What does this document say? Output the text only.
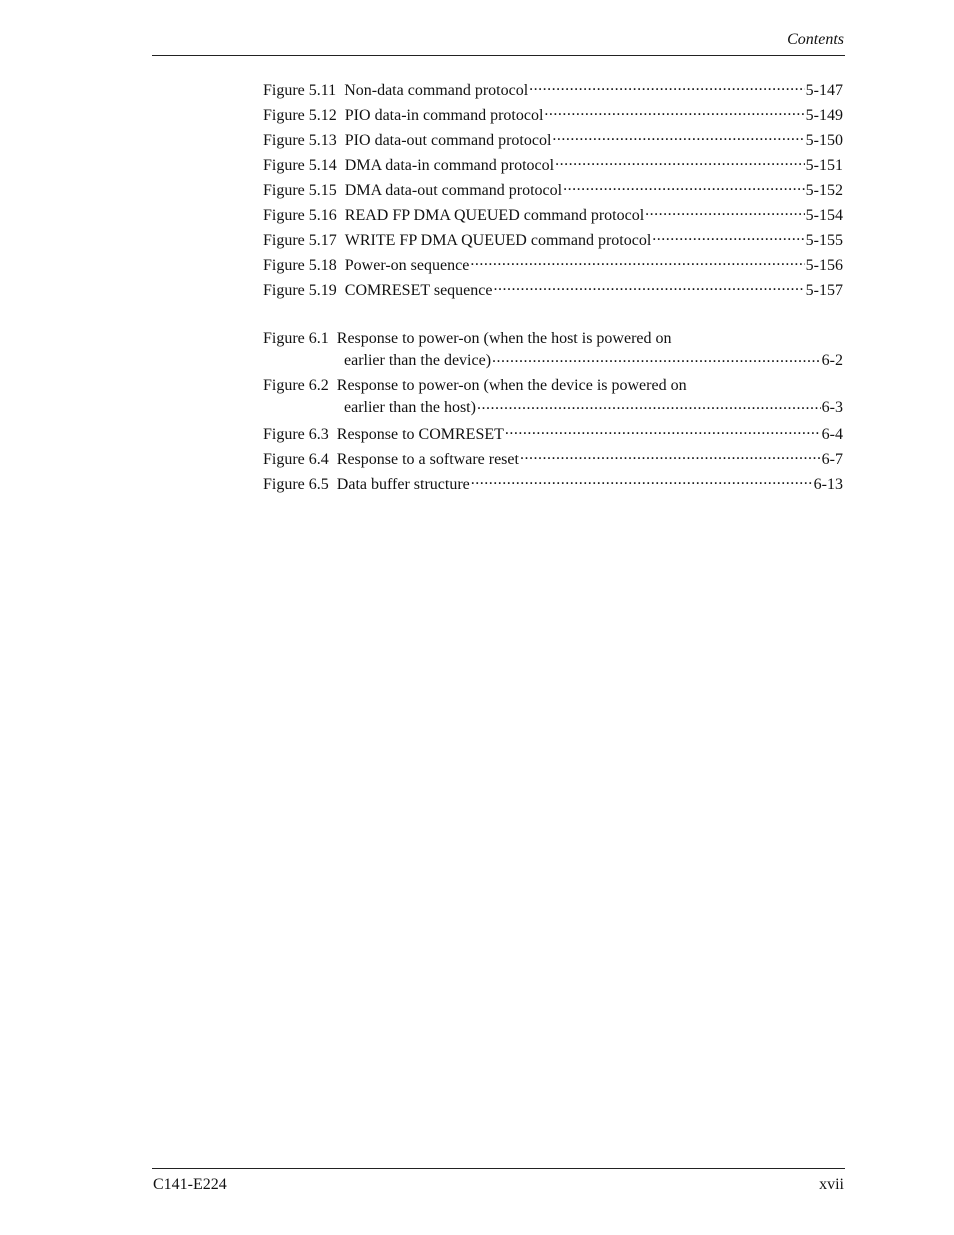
Contents
Figure 5.11 Non-data command protocol .....	5-147
Figure 5.12 PIO data-in command protocol .....	5-149
Figure 5.13 PIO data-out command protocol .....	5-150
Figure 5.14 DMA data-in command protocol .....	5-151
Figure 5.15 DMA data-out command protocol .....	5-152
Figure 5.16 READ FP DMA QUEUED command protocol .....	5-154
Figure 5.17 WRITE FP DMA QUEUED command protocol .....	5-155
Figure 5.18 Power-on sequence .....	5-156
Figure 5.19 COMRESET sequence .....	5-157
Figure 6.1 Response to power-on (when the host is powered on
earlier than the device) .....	6-2
Figure 6.2 Response to power-on (when the device is powered on
earlier than the host) .....	6-3
Figure 6.3 Response to COMRESET .....	6-4
Figure 6.4 Response to a software reset .....	6-7
Figure 6.5 Data buffer structure .....	6-13
C141-E224	xvii
